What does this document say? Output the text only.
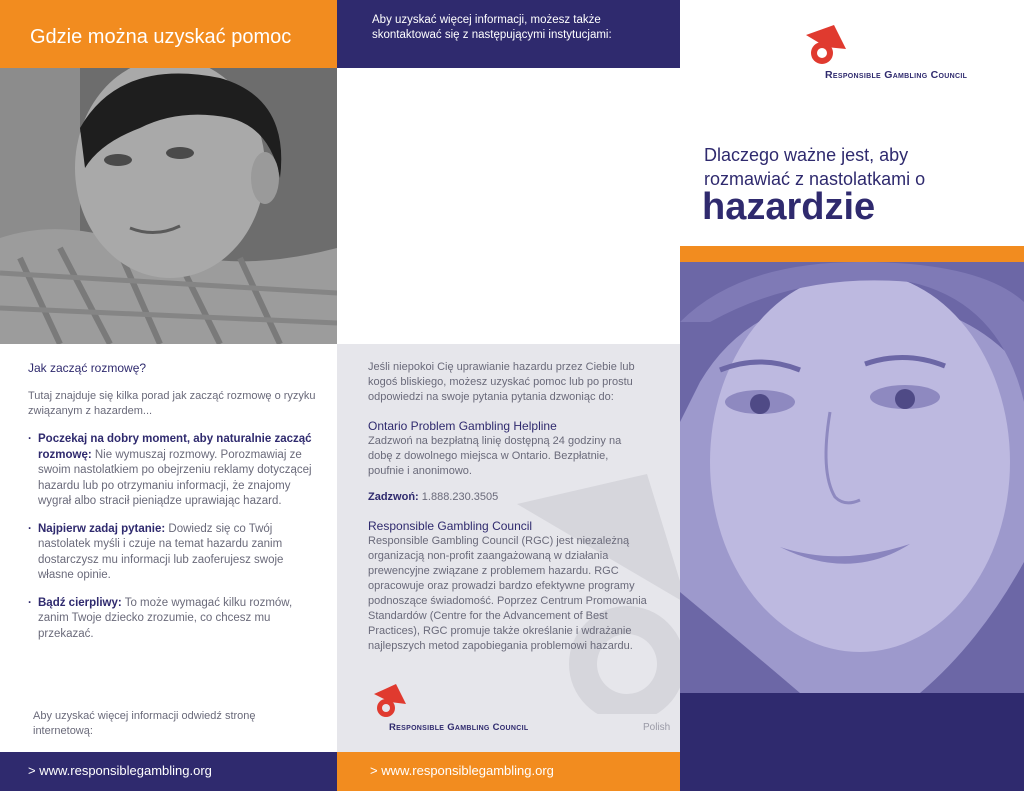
Gdzie można uzyskać pomoc
Jak zacząć rozmowę?
Tutaj znajduje się kilka porad jak zacząć rozmowę o ryzyku związanym z hazardem...
· Poczekaj na dobry moment, aby naturalnie zacząć rozmowę: Nie wymuszaj rozmowy. Porozmawiaj ze swoim nastolatkiem po obejrzeniu reklamy dotyczącej hazardu lub po otrzymaniu informacji, że znajomy wygrał albo stracił pieniądze uprawiając hazard.
· Najpierw zadaj pytanie: Dowiedz się co Twój nastolatek myśli i czuje na temat hazardu zanim dostarczysz mu informacji lub zaoferujesz swoje własne opinie.
· Bądź cierpliwy: To może wymagać kilku rozmów, zanim Twoje dziecko zrozumie, co chcesz mu przekazać.
Aby uzyskać więcej informacji odwiedź stronę internetową:
> www.responsiblegambling.org
Aby uzyskać więcej informacji, możesz także skontaktować się z następującymi instytucjami:
Jeśli niepokoi Cię uprawianie hazardu przez Ciebie lub kogoś bliskiego, możesz uzyskać pomoc lub po prostu odpowiedzi na swoje pytania pytania dzwoniąc do:
Ontario Problem Gambling Helpline
Zadzwoń na bezpłatną linię dostępną 24 godziny na dobę z dowolnego miejsca w Ontario. Bezpłatnie, poufnie i anonimowo.
Zadzwoń: 1.888.230.3505
Responsible Gambling Council
Responsible Gambling Council (RGC) jest niezależną organizacją non-profit zaangażowaną w działania prewencyjne związane z problemem hazardu. RGC opracowuje oraz prowadzi bardzo efektywne programy podnoszące świadomość. Poprzez Centrum Promowania Standardów (Centre for the Advancement of Best Practices), RGC promuje także określanie i wdrażanie najlepszych metod zapobiegania problemowi hazardu.
Responsible Gambling Council	Polish
> www.responsiblegambling.org
Responsible Gambling Council
Dlaczego ważne jest, aby
rozmawiać z nastolatkami o
hazardzie
